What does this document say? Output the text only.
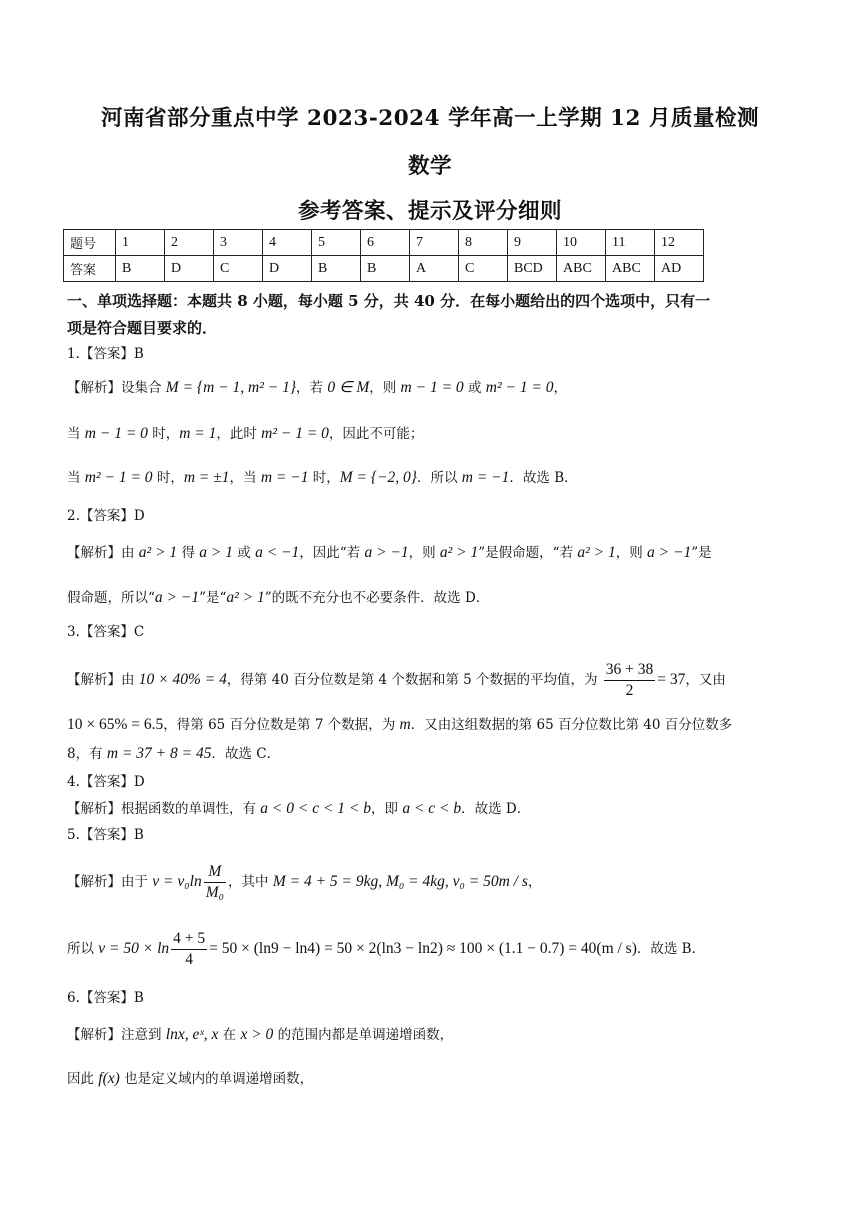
河南省部分重点中学 2023-2024 学年高一上学期 12 月质量检测
数学
参考答案、提示及评分细则
题号	1	2	3	4	5	6	7	8	9	10	11	12
答案	B	D	C	D	B	B	A	C	BCD	ABC	ABC	AD
一、单项选择题：本题共 8 小题，每小题 5 分，共 40 分．在每小题给出的四个选项中，只有一
项是符合题目要求的．
1.【答案】B
【解析】设集合 M = {m − 1, m² − 1}，若 0 ∈ M，则 m − 1 = 0 或 m² − 1 = 0，
当 m − 1 = 0 时，m = 1，此时 m² − 1 = 0，因此不可能；
当 m² − 1 = 0 时，m = ±1，当 m = −1 时，M = {−2, 0}．所以 m = −1．故选 B．
2.【答案】D
【解析】由 a² > 1 得 a > 1 或 a < −1，因此“若 a > −1，则 a² > 1”是假命题，“若 a² > 1，则 a > −1”是
假命题，所以“a > −1”是“a² > 1”的既不充分也不必要条件．故选 D．
3.【答案】C
【解析】由 10 × 40% = 4，得第 40 百分位数是第 4 个数据和第 5 个数据的平均值，为 $\frac{36 + 38}{2} = 37$，又由
10 × 65% = 6.5，得第 65 百分位数是第 7 个数据，为 m．又由这组数据的第 65 百分位数比第 40 百分位数多
8，有 m = 37 + 8 = 45．故选 C．
4.【答案】D
【解析】根据函数的单调性，有 a < 0 < c < 1 < b，即 a < c < b．故选 D．
5.【答案】B
【解析】由于 $v = v_0\ln \frac{M}{\text{M₀}}$ ，其中 M = 4 + 5 = 9kg, M₀ = 4kg, v₀ = 50m / s，
所以 $v = 50 \times \ln \frac{4 + 5}{4} = 50 \times (\ln 9 - \ln 4) = 50 \times 2(\ln 3 - \ln 2) \approx 100 \times (1.1 - 0.7) = 40(m / s)$．故选 B．
6.【答案】B
【解析】注意到 lnx, eˣ, x 在 x > 0 的范围内都是单调递增函数，
因此 f(x) 也是定义域内的单调递增函数，
